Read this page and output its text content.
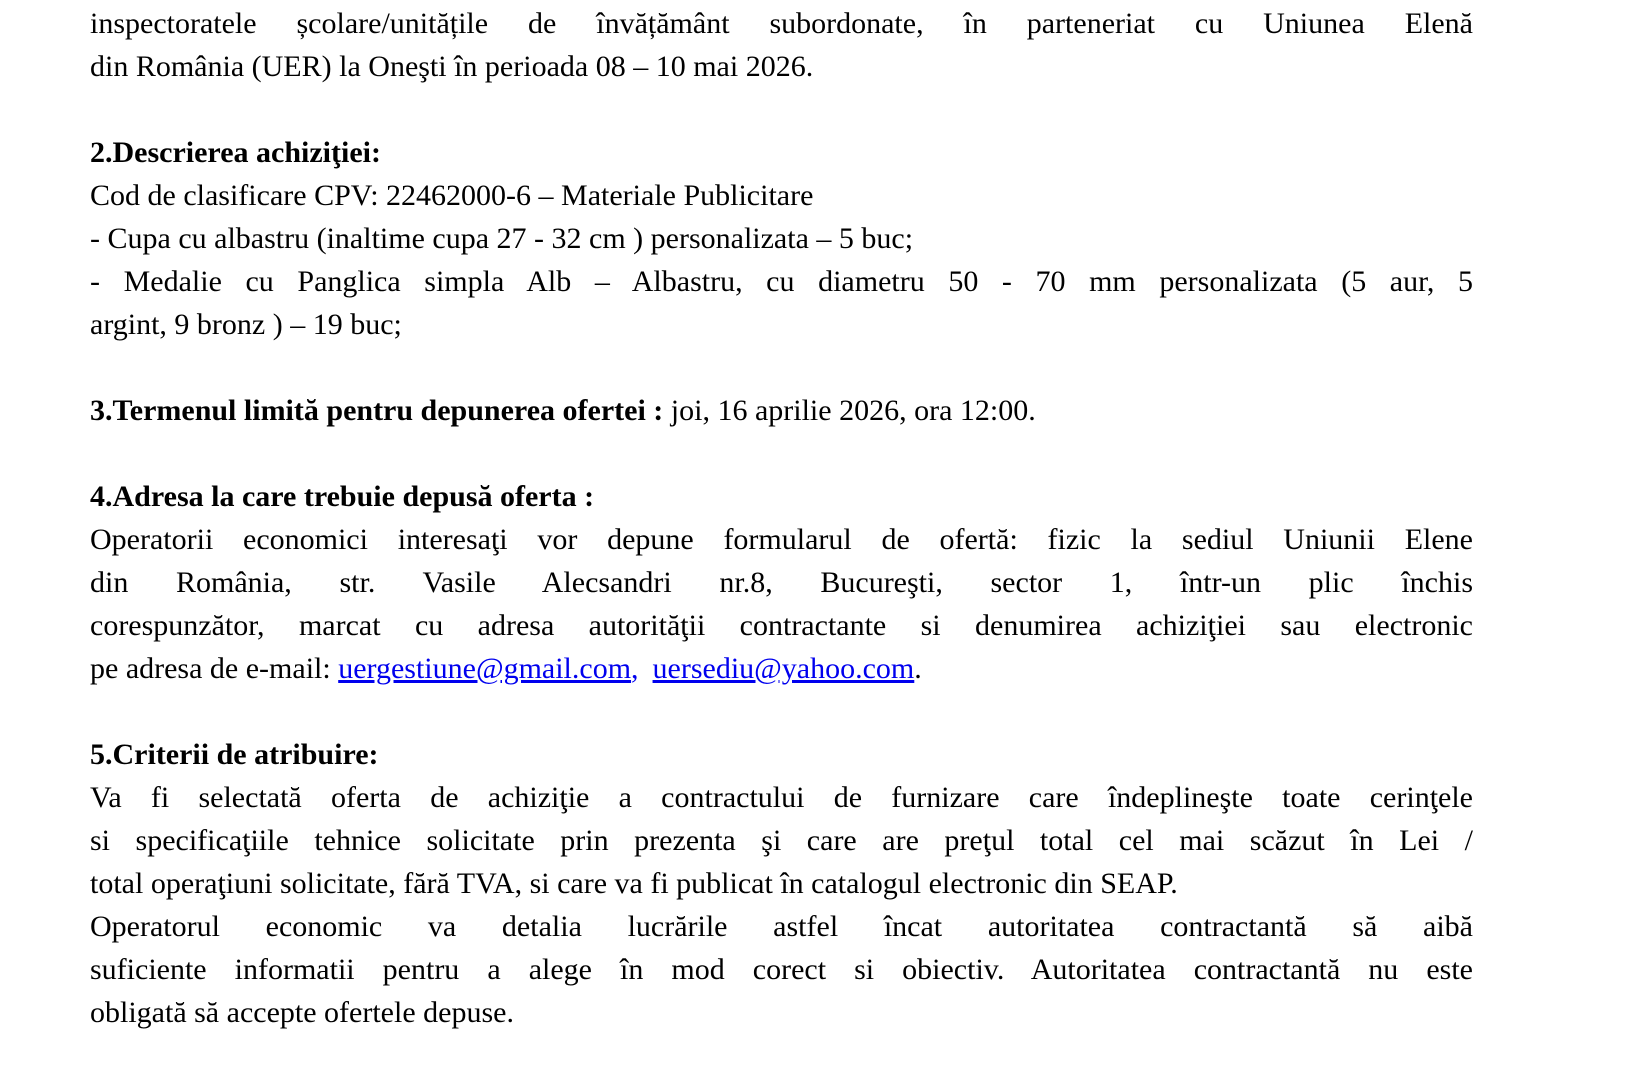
inspectoratele școlare/unitățile de învățământ subordonate, în parteneriat cu Uniunea Elenă
din România (UER) la Oneşti în perioada 08 – 10 mai 2026.
2.Descrierea achiziţiei:
Cod de clasificare CPV: 22462000-6 – Materiale Publicitare
- Cupa cu albastru (inaltime cupa 27 - 32 cm ) personalizata – 5 buc;
- Medalie cu Panglica simpla Alb – Albastru, cu diametru 50 - 70 mm personalizata (5 aur, 5
argint, 9 bronz ) – 19 buc;
3.Termenul limită pentru depunerea ofertei : joi, 16 aprilie 2026, ora 12:00.
4.Adresa la care trebuie depusă oferta :
Operatorii economici interesaţi vor depune formularul de ofertă: fizic la sediul Uniunii Elene
din România, str. Vasile Alecsandri nr.8, Bucureşti, sector 1, într-un plic închis
corespunzător, marcat cu adresa autorităţii contractante si denumirea achiziţiei sau electronic
pe adresa de e-mail: uergestiune@gmail.com, uersediu@yahoo.com.
5.Criterii de atribuire:
Va fi selectată oferta de achiziţie a contractului de furnizare care îndeplineşte toate cerinţele
si specificaţiile tehnice solicitate prin prezenta şi care are preţul total cel mai scăzut în Lei /
total operaţiuni solicitate, fără TVA, si care va fi publicat în catalogul electronic din SEAP.
Operatorul economic va detalia lucrările astfel încat autoritatea contractantă să aibă
suficiente informatii pentru a alege în mod corect si obiectiv. Autoritatea contractantă nu este
obligată să accepte ofertele depuse.
